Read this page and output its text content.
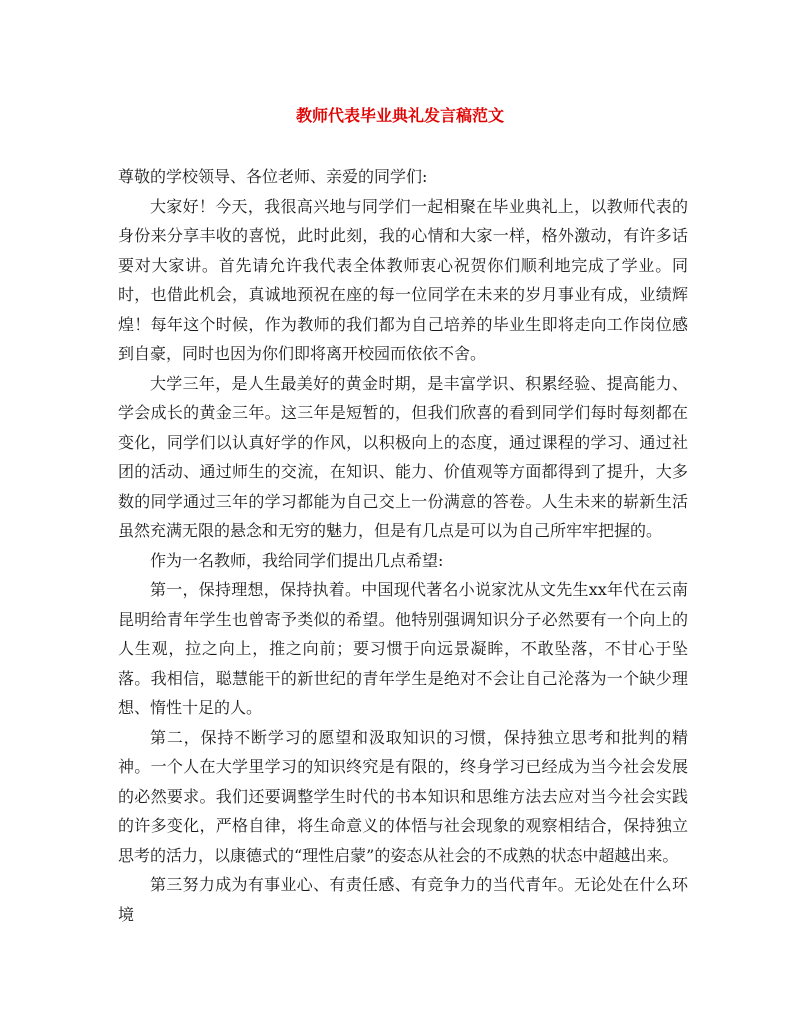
教师代表毕业典礼发言稿范文

尊敬的学校领导、各位老师、亲爱的同学们:

大家好！今天，我很高兴地与同学们一起相聚在毕业典礼上，以教师代表的身份来分享丰收的喜悦，此时此刻，我的心情和大家一样，格外激动，有许多话要对大家讲。首先请允许我代表全体教师衷心祝贺你们顺利地完成了学业。同时，也借此机会，真诚地预祝在座的每一位同学在未来的岁月事业有成，业绩辉煌！每年这个时候，作为教师的我们都为自己培养的毕业生即将走向工作岗位感到自豪，同时也因为你们即将离开校园而依依不舍。

大学三年，是人生最美好的黄金时期，是丰富学识、积累经验、提高能力、学会成长的黄金三年。这三年是短暂的，但我们欣喜的看到同学们每时每刻都在变化，同学们以认真好学的作风，以积极向上的态度，通过课程的学习、通过社团的活动、通过师生的交流，在知识、能力、价值观等方面都得到了提升，大多数的同学通过三年的学习都能为自己交上一份满意的答卷。人生未来的崭新生活虽然充满无限的悬念和无穷的魅力，但是有几点是可以为自己所牢牢把握的。

作为一名教师，我给同学们提出几点希望:

第一，保持理想，保持执着。中国现代著名小说家沈从文先生xx年代在云南昆明给青年学生也曾寄予类似的希望。他特别强调知识分子必然要有一个向上的人生观，拉之向上，推之向前；要习惯于向远景凝眸，不敢坠落，不甘心于坠落。我相信，聪慧能干的新世纪的青年学生是绝对不会让自己沦落为一个缺少理想、惰性十足的人。

第二，保持不断学习的愿望和汲取知识的习惯，保持独立思考和批判的精神。一个人在大学里学习的知识终究是有限的，终身学习已经成为当今社会发展的必然要求。我们还要调整学生时代的书本知识和思维方法去应对当今社会实践的许多变化，严格自律，将生命意义的体悟与社会现象的观察相结合，保持独立思考的活力，以康德式的“理性启蒙”的姿态从社会的不成熟的状态中超越出来。

第三努力成为有事业心、有责任感、有竞争力的当代青年。无论处在什么环境
